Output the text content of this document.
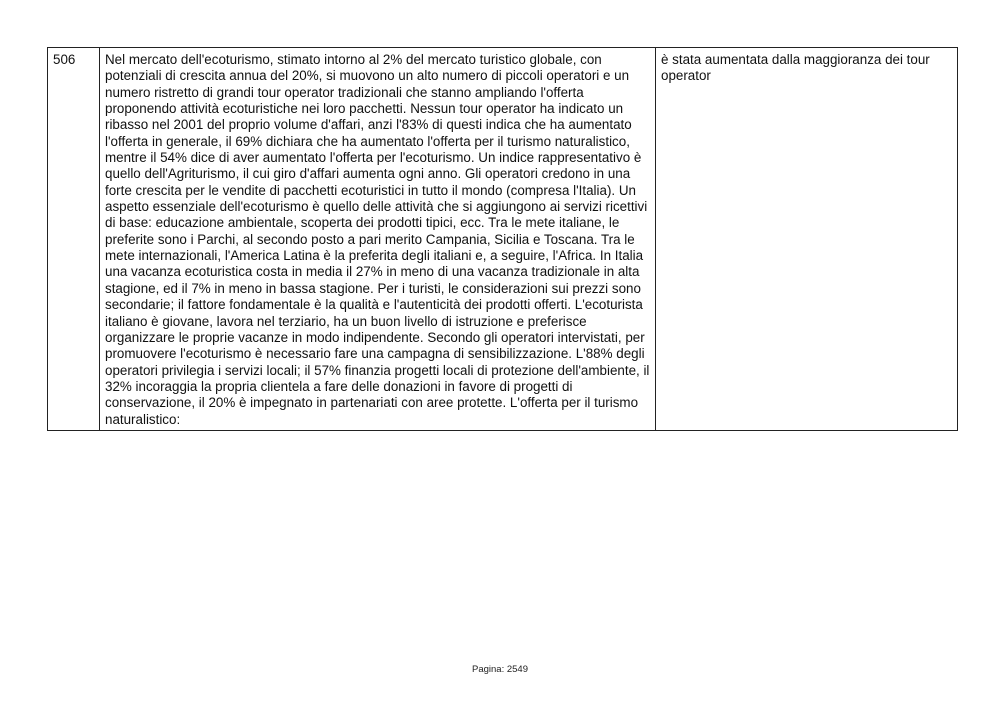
506	Nel mercato dell'ecoturismo, stimato intorno al 2% del mercato turistico globale, con potenziali di crescita annua del 20%, si muovono un alto numero di piccoli operatori e un numero ristretto di grandi tour operator tradizionali che stanno ampliando l'offerta proponendo attività ecoturistiche nei loro pacchetti. Nessun tour operator ha indicato un ribasso nel 2001 del proprio volume d'affari, anzi l'83% di questi indica che ha aumentato l'offerta in generale, il 69% dichiara che ha aumentato l'offerta per il turismo naturalistico, mentre il 54% dice di aver aumentato l'offerta per l'ecoturismo. Un indice rappresentativo è quello dell'Agriturismo, il cui giro d'affari aumenta ogni anno. Gli operatori credono in una forte crescita per le vendite di pacchetti ecoturistici in tutto il mondo (compresa l'Italia). Un aspetto essenziale dell'ecoturismo è quello delle attività che si aggiungono ai servizi ricettivi di base: educazione ambientale, scoperta dei prodotti tipici, ecc. Tra le mete italiane, le preferite sono i Parchi, al secondo posto a pari merito Campania, Sicilia e Toscana. Tra le mete internazionali, l'America Latina è la preferita degli italiani e, a seguire, l'Africa. In Italia una vacanza ecoturistica costa in media il 27% in meno di una vacanza tradizionale in alta stagione, ed il 7% in meno in bassa stagione. Per i turisti, le considerazioni sui prezzi sono secondarie; il fattore fondamentale è la qualità e l'autenticità dei prodotti offerti. L'ecoturista italiano è giovane, lavora nel terziario, ha un buon livello di istruzione e preferisce organizzare le proprie vacanze in modo indipendente. Secondo gli operatori intervistati, per promuovere l'ecoturismo è necessario fare una campagna di sensibilizzazione. L'88% degli operatori privilegia i servizi locali; il 57% finanzia progetti locali di protezione dell'ambiente, il 32% incoraggia la propria clientela a fare delle donazioni in favore di progetti di conservazione, il 20% è impegnato in partenariati con aree protette. L'offerta per il turismo naturalistico:	è stata aumentata dalla maggioranza dei tour operator
Pagina: 2549
